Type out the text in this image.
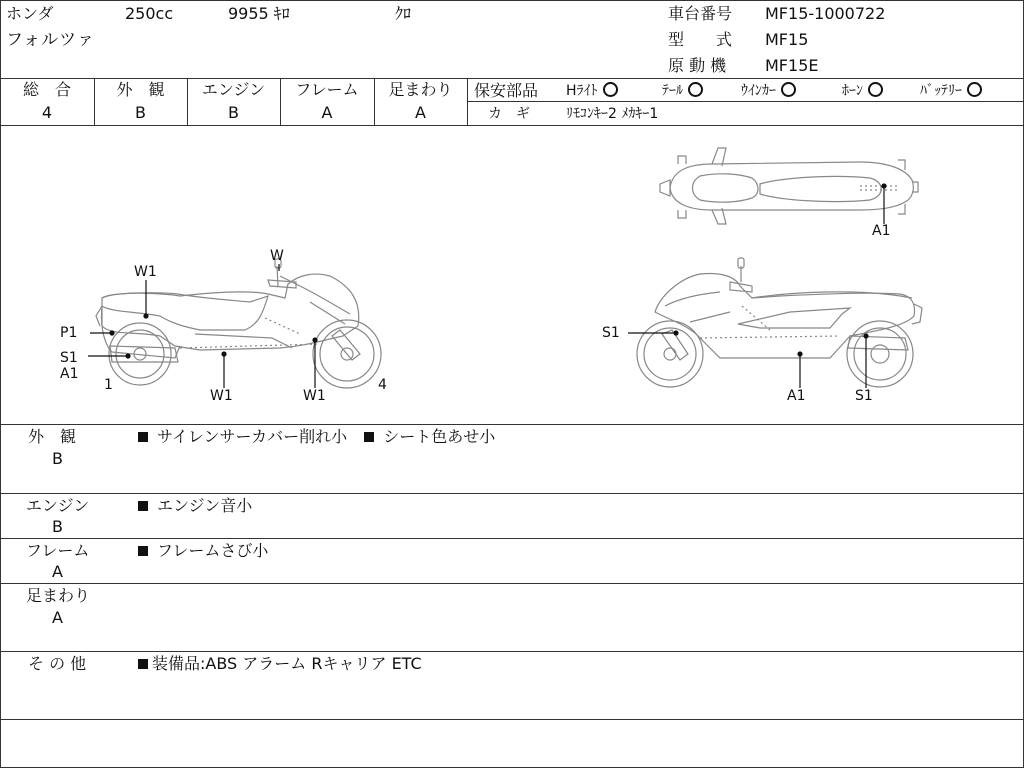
ホンダ
フォルツァ
250cc	9955 ｷﾛ	ｸﾛ	車台番号 MF15-1000722
型　　式 MF15
原 動 機 MF15E
総　合
4
外　観
B
エンジン
B
フレーム
A
足まわり
A
保安部品 Hﾗｲﾄ	ﾃｰﾙ	ｳｲﾝｶｰ	ﾎｰﾝ	ﾊﾞｯﾃﾘｰ
カ　ギ	ﾘﾓｺﾝｷｰ2 ﾒｶｷｰ1
W1
W
P1
S1
A1
1	4
W1	W1
A1
S1
A1	S1
外　観
B
サイレンサーカバー削れ小 シート色あせ小
エンジン
B
エンジン音小
フレーム
A
フレームさび小
足まわり
A
そ の 他	装備品:ABS アラーム Rキャリア ETC
